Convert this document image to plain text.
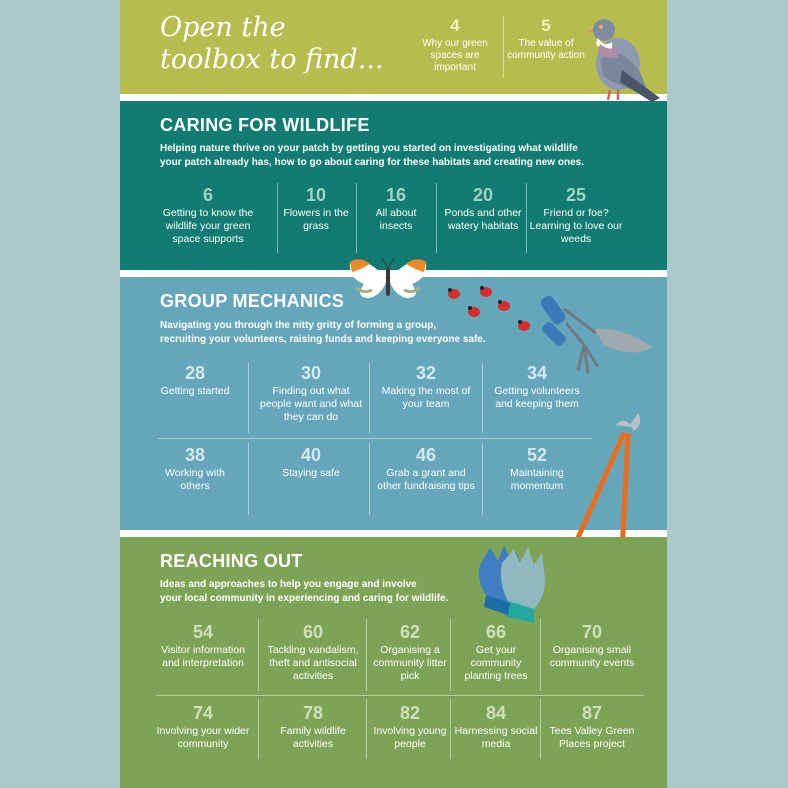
Open the
toolbox to find...
4
Why our green spaces are important
5
The value of community action
CARING FOR WILDLIFE
Helping nature thrive on your patch by getting you started on investigating what wildlife
your patch already has, how to go about caring for these habitats and creating new ones.
6
Getting to know the wildlife your green space supports
10
Flowers in the grass
16
All about insects
20
Ponds and other watery habitats
25
Friend or foe? Learning to love our weeds
GROUP MECHANICS
Navigating you through the nitty gritty of forming a group,
recruiting your volunteers, raising funds and keeping everyone safe.
28
Getting started
30
Finding out what people want and what they can do
32
Making the most of your team
34
Getting volunteers and keeping them
38
Working with others
40
Staying safe
46
Grab a grant and other fundraising tips
52
Maintaining momentum
REACHING OUT
Ideas and approaches to help you engage and involve
your local community in experiencing and caring for wildlife.
54
Visitor information and interpretation
60
Tackling vandalism, theft and antisocial activities
62
Organising a community litter pick
66
Get your community planting trees
70
Organising small community events
74
Involving your wider community
78
Family wildlife activities
82
Involving young people
84
Harnessing social media
87
Tees Valley Green Places project
